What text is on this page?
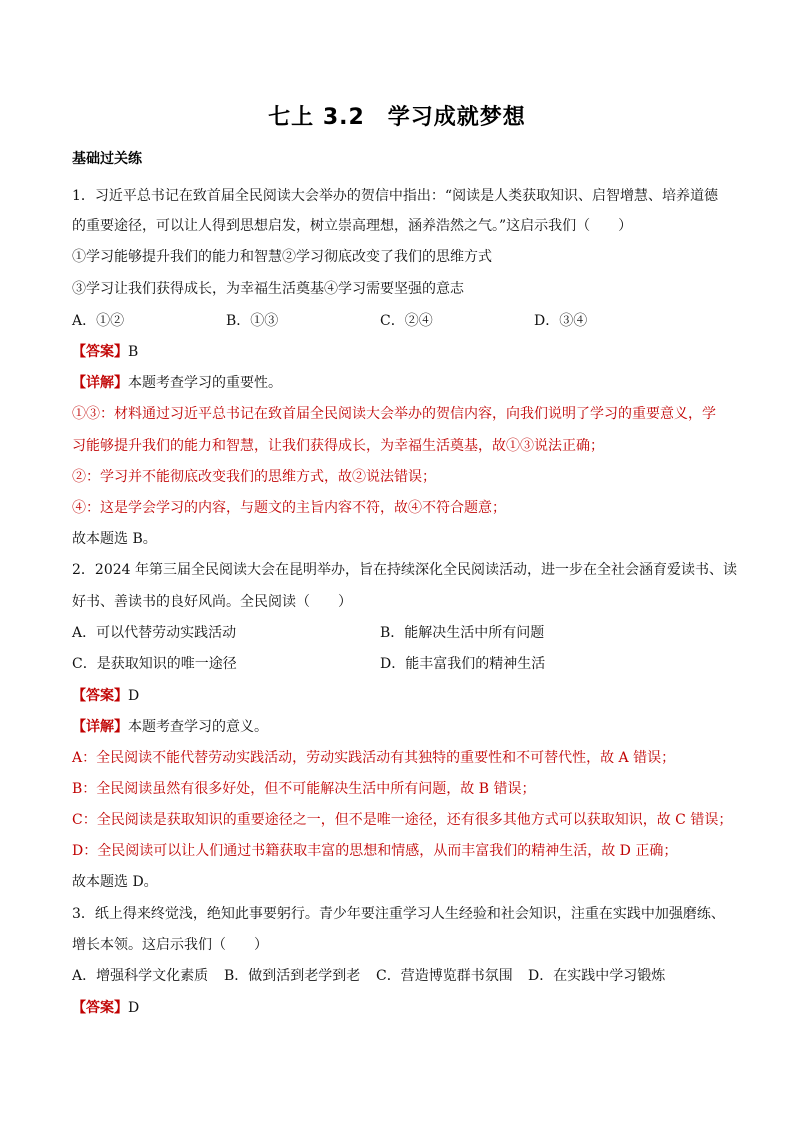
七上 3.2　学习成就梦想
基础过关练
1．习近平总书记在致首届全民阅读大会举办的贺信中指出：“阅读是人类获取知识、启智增慧、培养道德
的重要途径，可以让人得到思想启发，树立崇高理想，涵养浩然之气。”这启示我们（　　）
①学习能够提升我们的能力和智慧②学习彻底改变了我们的思维方式
③学习让我们获得成长，为幸福生活奠基④学习需要坚强的意志
A．①②	B．①③	C．②④	D．③④
【答案】B
【详解】本题考查学习的重要性。
①③：材料通过习近平总书记在致首届全民阅读大会举办的贺信内容，向我们说明了学习的重要意义，学
习能够提升我们的能力和智慧，让我们获得成长，为幸福生活奠基，故①③说法正确；
②：学习并不能彻底改变我们的思维方式，故②说法错误；
④：这是学会学习的内容，与题文的主旨内容不符，故④不符合题意；
故本题选 B。
2．2024 年第三届全民阅读大会在昆明举办，旨在持续深化全民阅读活动，进一步在全社会涵育爱读书、读
好书、善读书的良好风尚。全民阅读（　　）
A．可以代替劳动实践活动	B．能解决生活中所有问题
C．是获取知识的唯一途径	D．能丰富我们的精神生活
【答案】D
【详解】本题考查学习的意义。
A：全民阅读不能代替劳动实践活动，劳动实践活动有其独特的重要性和不可替代性，故 A 错误；
B：全民阅读虽然有很多好处，但不可能解决生活中所有问题，故 B 错误；
C：全民阅读是获取知识的重要途径之一，但不是唯一途径，还有很多其他方式可以获取知识，故 C 错误；
D：全民阅读可以让人们通过书籍获取丰富的思想和情感，从而丰富我们的精神生活，故 D 正确；
故本题选 D。
3．纸上得来终觉浅，绝知此事要躬行。青少年要注重学习人生经验和社会知识，注重在实践中加强磨练、
增长本领。这启示我们（　　）
A．增强科学文化素质 B．做到活到老学到老 C．营造博览群书氛围 D．在实践中学习锻炼
【答案】D
